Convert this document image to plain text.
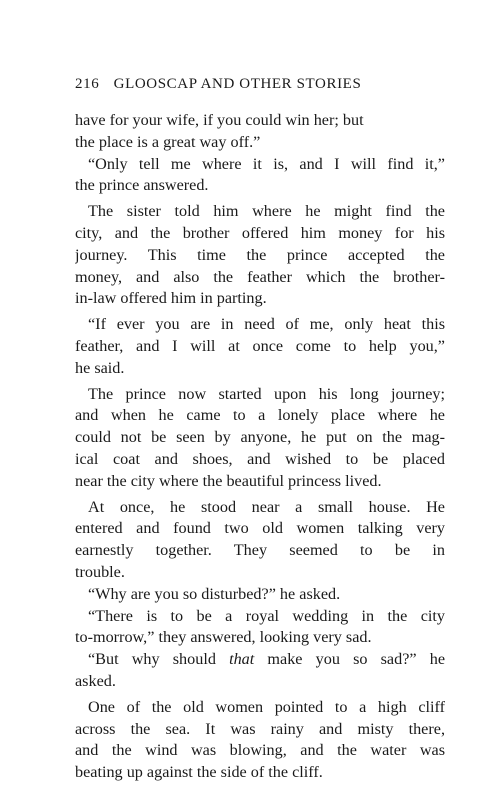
216 GLOOSCAP AND OTHER STORIES
have for your wife, if you could win her; but
the place is a great way off.”
“Only tell me where it is, and I will find it,”
the prince answered.
The sister told him where he might find the
city, and the brother offered him money for his
journey. This time the prince accepted the
money, and also the feather which the brother-
in-law offered him in parting.
“If ever you are in need of me, only heat this
feather, and I will at once come to help you,”
he said.
The prince now started upon his long journey;
and when he came to a lonely place where he
could not be seen by anyone, he put on the mag-
ical coat and shoes, and wished to be placed
near the city where the beautiful princess lived.
At once, he stood near a small house. He
entered and found two old women talking very
earnestly together. They seemed to be in
trouble.
“Why are you so disturbed?” he asked.
“There is to be a royal wedding in the city
to-morrow,” they answered, looking very sad.
“But why should that make you so sad?” he
asked.
One of the old women pointed to a high cliff
across the sea. It was rainy and misty there,
and the wind was blowing, and the water was
beating up against the side of the cliff.
